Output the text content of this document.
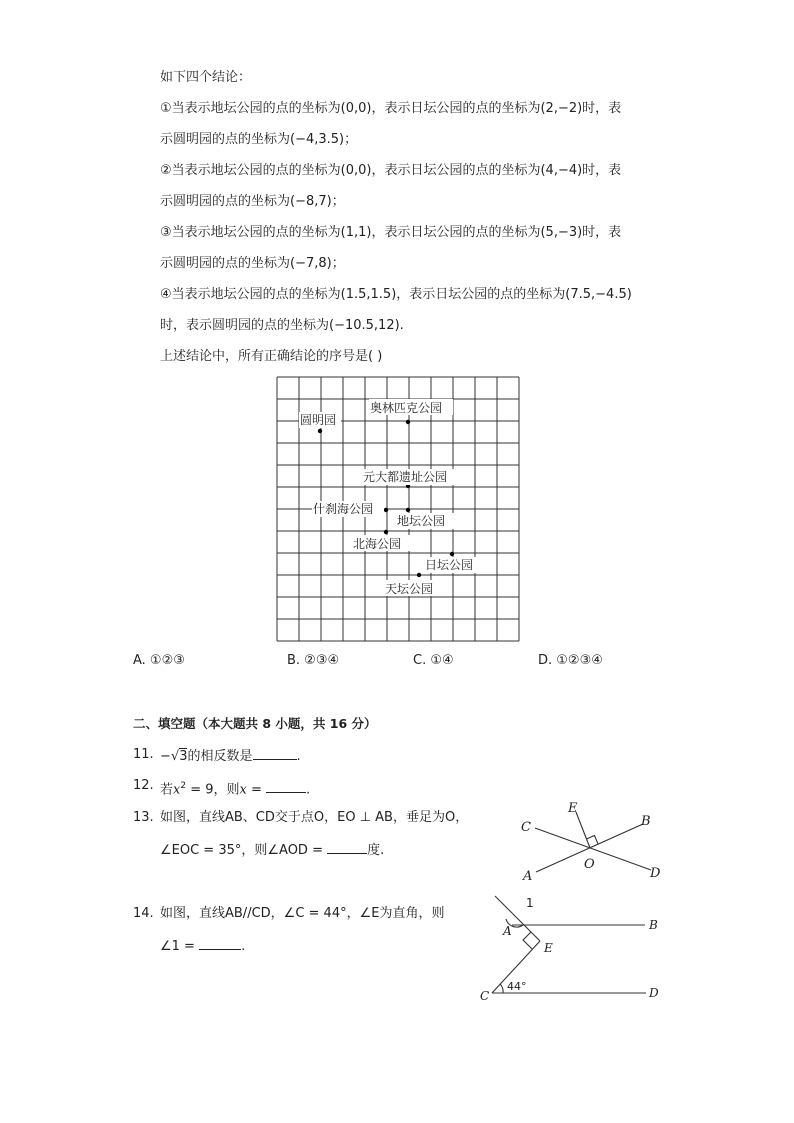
如下四个结论：
①当表示地坛公园的点的坐标为(0,0)，表示日坛公园的点的坐标为(2,−2)时，表
示圆明园的点的坐标为(−4,3.5)；
②当表示地坛公园的点的坐标为(0,0)，表示日坛公园的点的坐标为(4,−4)时，表
示圆明园的点的坐标为(−8,7)；
③当表示地坛公园的点的坐标为(1,1)，表示日坛公园的点的坐标为(5,−3)时，表
示圆明园的点的坐标为(−7,8)；
④当表示地坛公园的点的坐标为(1.5,1.5)，表示日坛公园的点的坐标为(7.5,−4.5)
时，表示圆明园的点的坐标为(−10.5,12).
上述结论中，所有正确结论的序号是( )
奥林匹克公园
圆明园
元大都遗址公园
什刹海公园
地坛公园
北海公园
日坛公园
天坛公园
A. ①②③	B. ②③④	C. ①④	D. ①②③④
二、填空题（本大题共 8 小题，共 16 分）
11. −√3的相反数是	.
12. 若$x^2 = 9$，则x =	.
13. 如图，直线AB、CD交于点O，EO ⊥ AB，垂足为O，
∠EOC = 35°，则∠AOD =	度.
A
B
C
D
E
O
14. 如图，直线AB//CD，∠C = 44°，∠E为直角，则
∠1 =	.
A	B
C	D
E
1
44°
